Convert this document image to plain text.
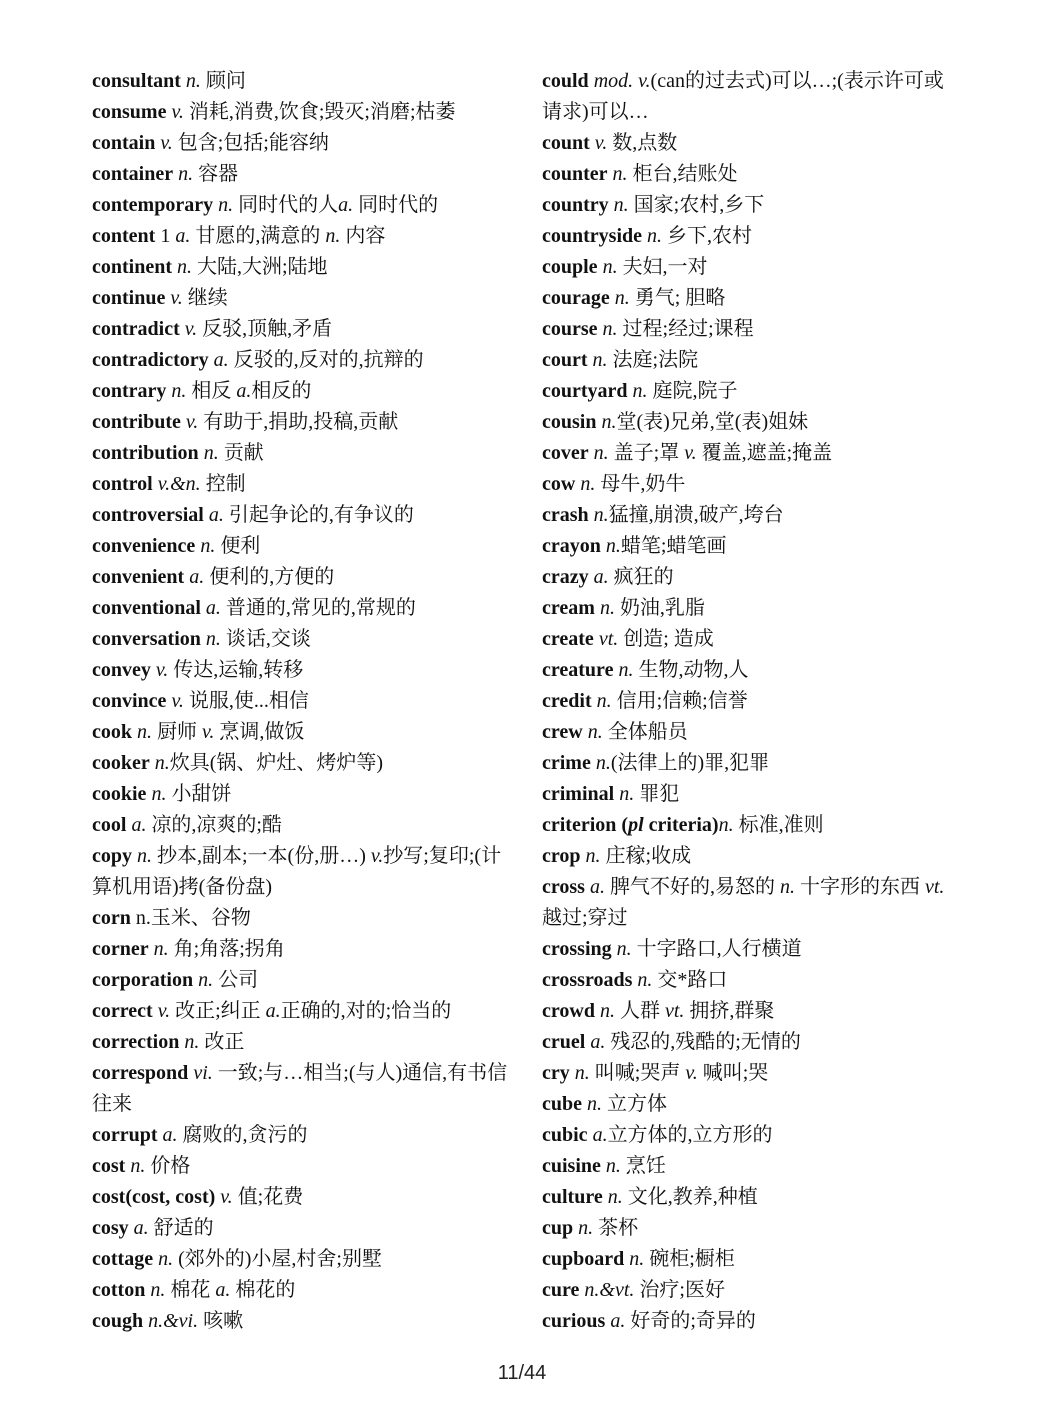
consultant n. 顾问

consume v. 消耗,消费,饮食;毁灭;消磨;枯萎

contain v. 包含;包括;能容纳

container n. 容器

contemporary n. 同时代的人a. 同时代的

content 1 a. 甘愿的,满意的 n. 内容

continent n. 大陆,大洲;陆地

continue v. 继续

contradict v. 反驳,顶触,矛盾

contradictory a. 反驳的,反对的,抗辩的

contrary n. 相反 a.相反的

contribute v. 有助于,捐助,投稿,贡献

contribution n. 贡献

control v.&n. 控制

controversial a. 引起争论的,有争议的

convenience n. 便利

convenient a. 便利的,方便的

conventional a. 普通的,常见的,常规的

conversation n. 谈话,交谈

convey v. 传达,运输,转移

convince v. 说服,使...相信

cook n. 厨师 v. 烹调,做饭

cooker n.炊具(锅、炉灶、烤炉等)

cookie n. 小甜饼

cool a. 凉的,凉爽的;酷

copy n. 抄本,副本;一本(份,册…) v.抄写;复印;(计算机用语)拷(备份盘)

corn n.玉米、谷物

corner n. 角;角落;拐角

corporation n. 公司

correct v. 改正;纠正 a.正确的,对的;恰当的

correction n. 改正

correspond vi. 一致;与…相当;(与人)通信,有书信往来

corrupt a. 腐败的,贪污的

cost n. 价格

cost(cost, cost) v. 值;花费

cosy a. 舒适的

cottage n. (郊外的)小屋,村舍;别墅

cotton n. 棉花 a. 棉花的

cough n.&vi. 咳嗽

could mod. v.(can的过去式)可以…;(表示许可或请求)可以…

count v. 数,点数

counter n. 柜台,结账处

country n. 国家;农村,乡下

countryside n. 乡下,农村

couple n. 夫妇,一对

courage n. 勇气; 胆略

course n. 过程;经过;课程

court n. 法庭;法院

courtyard n. 庭院,院子

cousin n.堂(表)兄弟,堂(表)姐妹

cover n. 盖子;罩 v. 覆盖,遮盖;掩盖

cow n. 母牛,奶牛

crash n.猛撞,崩溃,破产,垮台

crayon n.蜡笔;蜡笔画

crazy a. 疯狂的

cream n. 奶油,乳脂

create vt. 创造; 造成

creature n. 生物,动物,人

credit n. 信用;信赖;信誉

crew n. 全体船员

crime n.(法律上的)罪,犯罪

criminal n. 罪犯

criterion (pl criteria)n. 标准,准则

crop n. 庄稼;收成

cross a. 脾气不好的,易怒的 n. 十字形的东西 vt. 越过;穿过

crossing n. 十字路口,人行横道

crossroads n. 交*路口

crowd n. 人群 vt. 拥挤,群聚

cruel a. 残忍的,残酷的;无情的

cry n. 叫喊;哭声 v. 喊叫;哭

cube n. 立方体

cubic a.立方体的,立方形的

cuisine n. 烹饪

culture n. 文化,教养,种植

cup n. 茶杯

cupboard n. 碗柜;橱柜

cure n.&vt. 治疗;医好

curious a. 好奇的;奇异的

11/44
